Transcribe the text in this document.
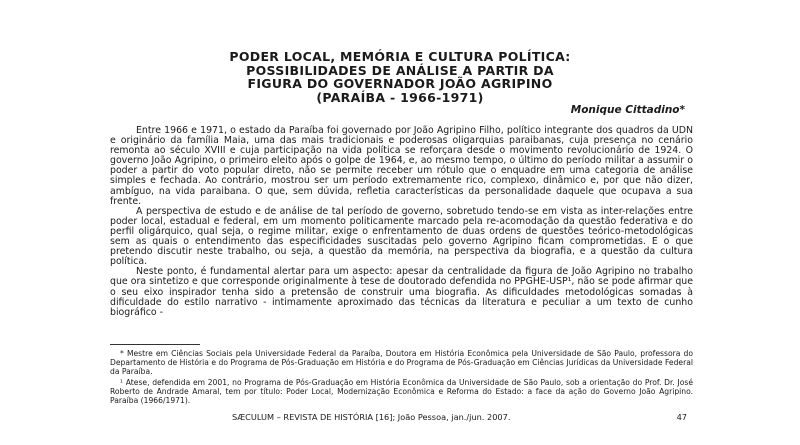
PODER LOCAL, MEMÓRIA E CULTURA POLÍTICA:
POSSIBILIDADES DE ANÁLISE A PARTIR DA
FIGURA DO GOVERNADOR JOÃO AGRIPINO
(PARAÍBA - 1966-1971)
Monique Cittadino*

Entre 1966 e 1971, o estado da Paraíba foi governado por João Agripino Filho, político integrante dos quadros da UDN e originário da família Maia, uma das mais tradicionais e poderosas oligarquias paraibanas, cuja presença no cenário remonta ao século XVIII e cuja participação na vida política se reforçara desde o movimento revolucionário de 1924. O governo João Agripino, o primeiro eleito após o golpe de 1964, e, ao mesmo tempo, o último do período militar a assumir o poder a partir do voto popular direto, não se permite receber um rótulo que o enquadre em uma categoria de análise simples e fechada. Ao contrário, mostrou ser um período extremamente rico, complexo, dinâmico e, por que não dizer, ambíguo, na vida paraibana. O que, sem dúvida, refletia características da personalidade daquele que ocupava a sua frente.

A perspectiva de estudo e de análise de tal período de governo, sobretudo tendo-se em vista as inter-relações entre poder local, estadual e federal, em um momento politicamente marcado pela re-acomodação da questão federativa e do perfil oligárquico, qual seja, o regime militar, exige o enfrentamento de duas ordens de questões teórico-metodológicas sem as quais o entendimento das especificidades suscitadas pelo governo Agripino ficam comprometidas. E o que pretendo discutir neste trabalho, ou seja, a questão da memória, na perspectiva da biografia, e a questão da cultura política.

Neste ponto, é fundamental alertar para um aspecto: apesar da centralidade da figura de João Agripino no trabalho que ora sintetizo e que corresponde originalmente à tese de doutorado defendida no PPGHE-USP¹, não se pode afirmar que o seu eixo inspirador tenha sido a pretensão de construir uma biografia. As dificuldades metodológicas somadas à dificuldade do estilo narrativo - intimamente aproximado das técnicas da literatura e peculiar a um texto de cunho biográfico -

* Mestre em Ciências Sociais pela Universidade Federal da Paraíba, Doutora em História Econômica pela Universidade de São Paulo, professora do Departamento de História e do Programa de Pós-Graduação em História e do Programa de Pós-Graduação em Ciências Jurídicas da Universidade Federal da Paraíba.

¹ Atese, defendida em 2001, no Programa de Pós-Graduação em História Econômica da Universidade de São Paulo, sob a orientação do Prof. Dr. José Roberto de Andrade Amaral, tem por título: Poder Local, Modernização Econômica e Reforma do Estado: a face da ação do Governo João Agripino. Paraíba (1966/1971).

SÆCULUM – REVISTA DE HISTÓRIA [16]; João Pessoa, jan./jun. 2007.	47
